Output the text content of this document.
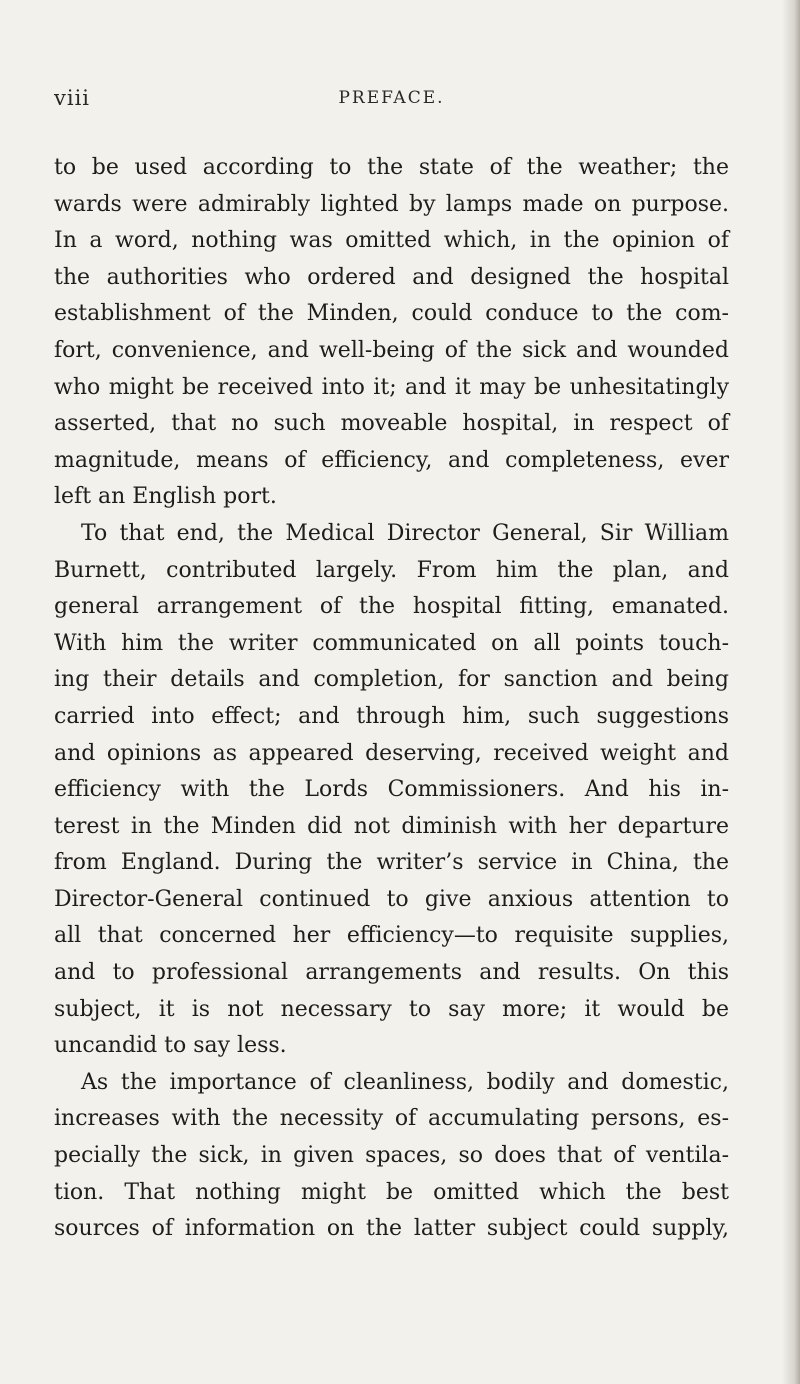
viii	PREFACE.
to be used according to the state of the weather; the
wards were admirably lighted by lamps made on purpose.
In a word, nothing was omitted which, in the opinion of
the authorities who ordered and designed the hospital
establishment of the Minden, could conduce to the com-
fort, convenience, and well-being of the sick and wounded
who might be received into it; and it may be unhesitatingly
asserted, that no such moveable hospital, in respect of
magnitude, means of efficiency, and completeness, ever
left an English port.
To that end, the Medical Director General, Sir William
Burnett, contributed largely. From him the plan, and
general arrangement of the hospital fitting, emanated.
With him the writer communicated on all points touch-
ing their details and completion, for sanction and being
carried into effect; and through him, such suggestions
and opinions as appeared deserving, received weight and
efficiency with the Lords Commissioners. And his in-
terest in the Minden did not diminish with her departure
from England. During the writer’s service in China, the
Director-General continued to give anxious attention to
all that concerned her efficiency—to requisite supplies,
and to professional arrangements and results. On this
subject, it is not necessary to say more; it would be
uncandid to say less.
As the importance of cleanliness, bodily and domestic,
increases with the necessity of accumulating persons, es-
pecially the sick, in given spaces, so does that of ventila-
tion. That nothing might be omitted which the best
sources of information on the latter subject could supply,
